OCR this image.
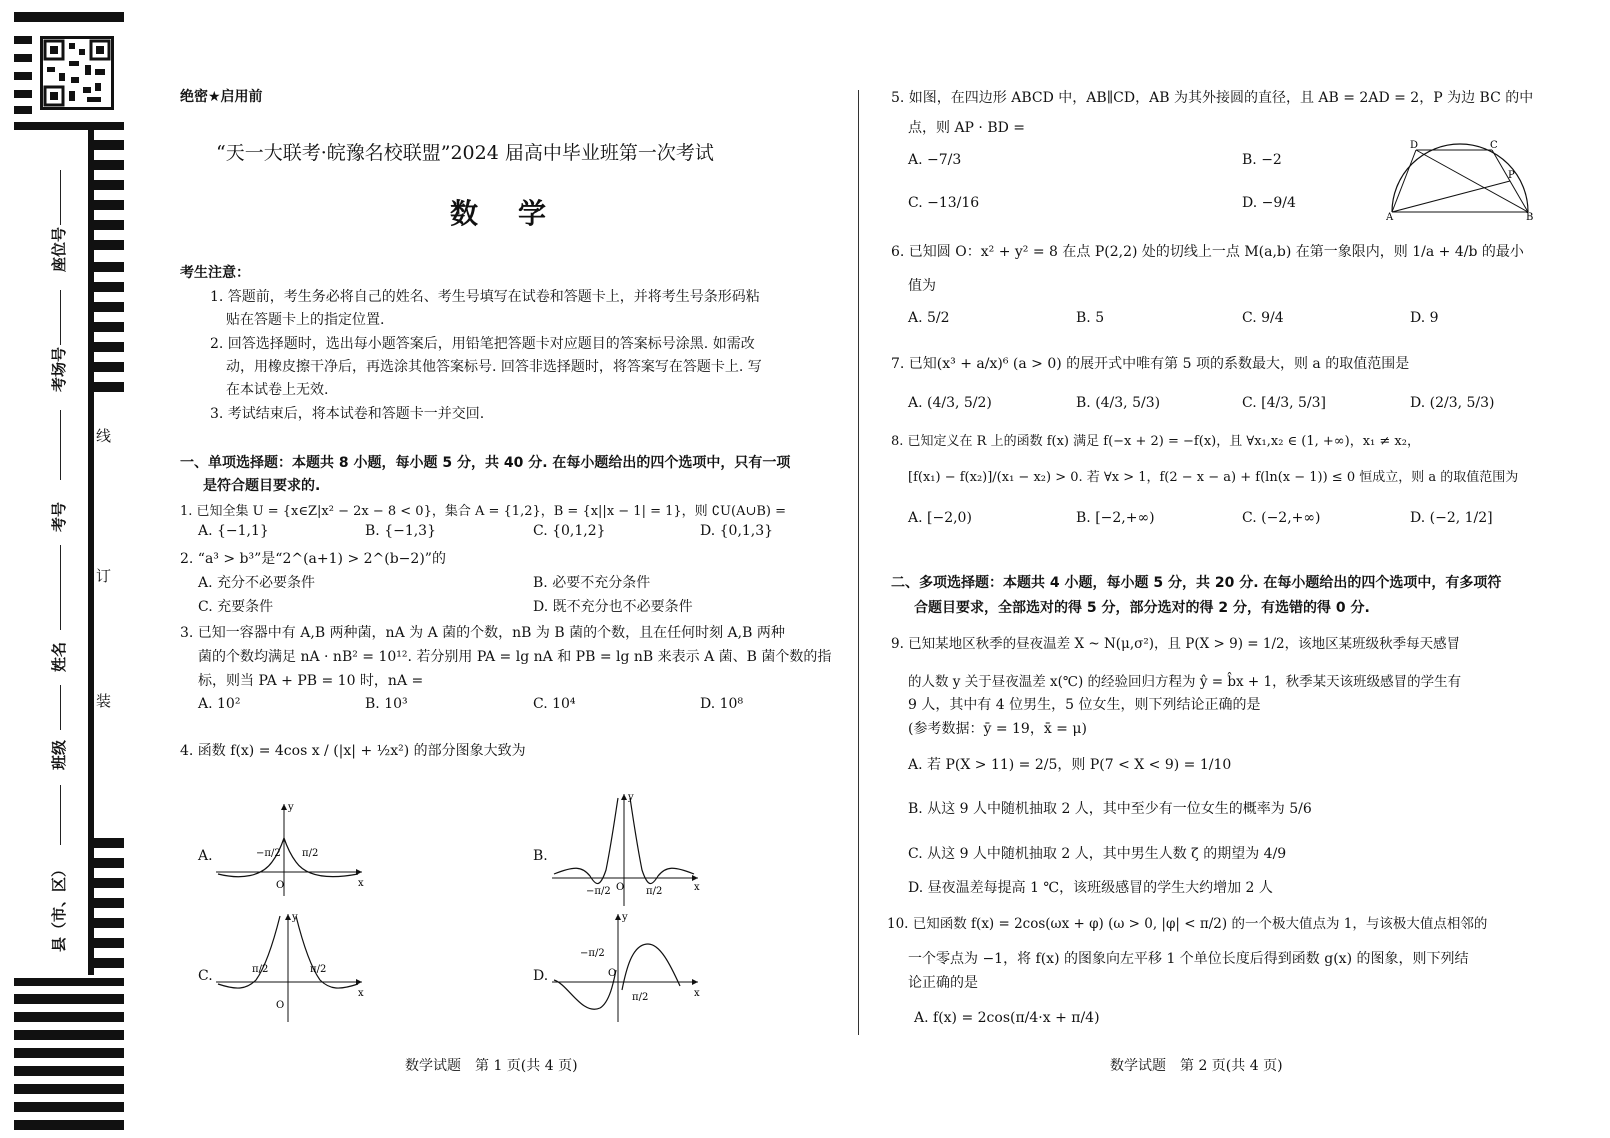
座位号
考场号
考号
姓名
班级
县（市、区）
线
订
装
绝密★启用前
“天一大联考·皖豫名校联盟”2024 届高中毕业班第一次考试
数　学
考生注意：
1. 答题前，考生务必将自己的姓名、考生号填写在试卷和答题卡上，并将考生号条形码粘
贴在答题卡上的指定位置.
2. 回答选择题时，选出每小题答案后，用铅笔把答题卡对应题目的答案标号涂黑. 如需改
动，用橡皮擦干净后，再选涂其他答案标号. 回答非选择题时，将答案写在答题卡上. 写
在本试卷上无效.
3. 考试结束后，将本试卷和答题卡一并交回.
一、单项选择题：本题共 8 小题，每小题 5 分，共 40 分. 在每小题给出的四个选项中，只有一项
是符合题目要求的.
1. 已知全集 U = {x∈Z|x² − 2x − 8 < 0}，集合 A = {1,2}，B = {x||x − 1| = 1}，则 ∁U(A∪B) =
A. {−1,1}	B. {−1,3}	C. {0,1,2}	D. {0,1,3}
2. “a³ > b³”是“2^(a+1) > 2^(b−2)”的
A. 充分不必要条件	B. 必要不充分条件
C. 充要条件	D. 既不充分也不必要条件
3. 已知一容器中有 A,B 两种菌，nA 为 A 菌的个数，nB 为 B 菌的个数，且在任何时刻 A,B 两种
菌的个数均满足 nA · nB² = 10¹². 若分别用 PA = lg nA 和 PB = lg nB 来表示 A 菌、B 菌个数的指
标，则当 PA + PB = 10 时，nA =
A. 10²	B. 10³	C. 10⁴	D. 10⁸
4. 函数 f(x) = 4cos x / (|x| + ½x²) 的部分图象大致为
A.	−π/2 π/2
O
y
x
B.
−π/2	π/2
O
y
x
C.	π/2	π/2
O
y
x
D.
−π/2
π/2
O
y
x
数学试题　第 1 页(共 4 页)
5. 如图，在四边形 ABCD 中，AB∥CD，AB 为其外接圆的直径，且 AB = 2AD = 2，P 为边 BC 的中
点，则 AP · BD =
A. −7/3	B. −2
C. −13/16	D. −9/4
A
D	C
B
P
6. 已知圆 O：x² + y² = 8 在点 P(2,2) 处的切线上一点 M(a,b) 在第一象限内，则 1/a + 4/b 的最小
值为
A. 5/2	B. 5	C. 9/4	D. 9
7. 已知(x³ + a/x)⁶ (a > 0) 的展开式中唯有第 5 项的系数最大，则 a 的取值范围是
A. (4/3, 5/2)	B. (4/3, 5/3)	C. [4/3, 5/3]	D. (2/3, 5/3)
8. 已知定义在 R 上的函数 f(x) 满足 f(−x + 2) = −f(x)，且 ∀x₁,x₂ ∈ (1, +∞)，x₁ ≠ x₂，
[f(x₁) − f(x₂)]/(x₁ − x₂) > 0. 若 ∀x > 1，f(2 − x − a) + f(ln(x − 1)) ≤ 0 恒成立，则 a 的取值范围为
A. [−2,0)	B. [−2,+∞)	C. (−2,+∞)	D. (−2, 1/2]
二、多项选择题：本题共 4 小题，每小题 5 分，共 20 分. 在每小题给出的四个选项中，有多项符
合题目要求，全部选对的得 5 分，部分选对的得 2 分，有选错的得 0 分.
9. 已知某地区秋季的昼夜温差 X ~ N(μ,σ²)，且 P(X > 9) = 1/2，该地区某班级秋季每天感冒
的人数 y 关于昼夜温差 x(℃) 的经验回归方程为 ŷ = b̂x + 1，秋季某天该班级感冒的学生有
9 人，其中有 4 位男生，5 位女生，则下列结论正确的是
(参考数据：ȳ = 19，x̄ = μ)
A. 若 P(X > 11) = 2/5，则 P(7 < X < 9) = 1/10
B. 从这 9 人中随机抽取 2 人，其中至少有一位女生的概率为 5/6
C. 从这 9 人中随机抽取 2 人，其中男生人数 ζ 的期望为 4/9
D. 昼夜温差每提高 1 ℃，该班级感冒的学生大约增加 2 人
10. 已知函数 f(x) = 2cos(ωx + φ) (ω > 0, |φ| < π/2) 的一个极大值点为 1，与该极大值点相邻的
一个零点为 −1，将 f(x) 的图象向左平移 1 个单位长度后得到函数 g(x) 的图象，则下列结
论正确的是
A. f(x) = 2cos(π/4·x + π/4)
数学试题　第 2 页(共 4 页)
